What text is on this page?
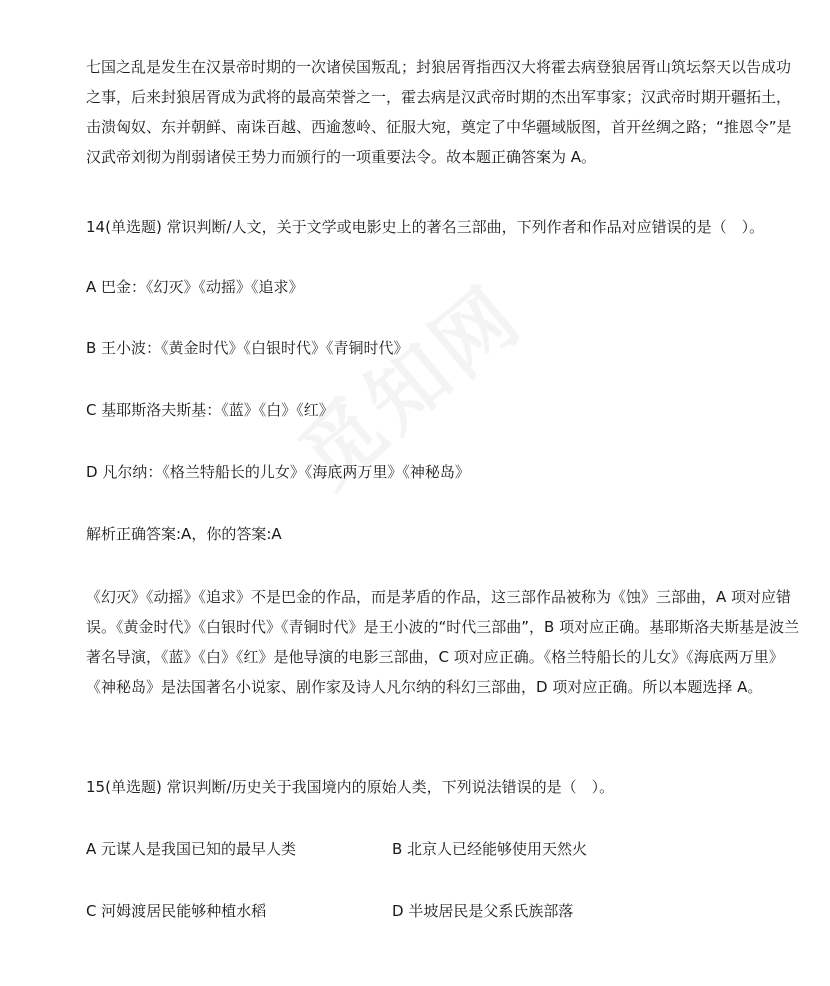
七国之乱是发生在汉景帝时期的一次诸侯国叛乱；封狼居胥指西汉大将霍去病登狼居胥山筑坛祭天以告成功之事，后来封狼居胥成为武将的最高荣誉之一，霍去病是汉武帝时期的杰出军事家；汉武帝时期开疆拓土，击溃匈奴、东并朝鲜、南诛百越、西逾葱岭、征服大宛，奠定了中华疆域版图，首开丝绸之路；“推恩令”是汉武帝刘彻为削弱诸侯王势力而颁行的一项重要法令。故本题正确答案为 A。

14(单选题) 常识判断/人文，关于文学或电影史上的著名三部曲，下列作者和作品对应错误的是（　）。

A 巴金：《幻灭》《动摇》《追求》

B 王小波：《黄金时代》《白银时代》《青铜时代》

C 基耶斯洛夫斯基：《蓝》《白》《红》

D 凡尔纳：《格兰特船长的儿女》《海底两万里》《神秘岛》

解析正确答案:A，你的答案:A

《幻灭》《动摇》《追求》不是巴金的作品，而是茅盾的作品，这三部作品被称为《蚀》三部曲，A 项对应错误。《黄金时代》《白银时代》《青铜时代》是王小波的“时代三部曲”，B 项对应正确。基耶斯洛夫斯基是波兰著名导演，《蓝》《白》《红》是他导演的电影三部曲，C 项对应正确。《格兰特船长的儿女》《海底两万里》《神秘岛》是法国著名小说家、剧作家及诗人凡尔纳的科幻三部曲，D 项对应正确。所以本题选择 A。

15(单选题) 常识判断/历史关于我国境内的原始人类，下列说法错误的是（　）。

A 元谋人是我国已知的最早人类	B 北京人已经能够使用天然火

C 河姆渡居民能够种植水稻	D 半坡居民是父系氏族部落
